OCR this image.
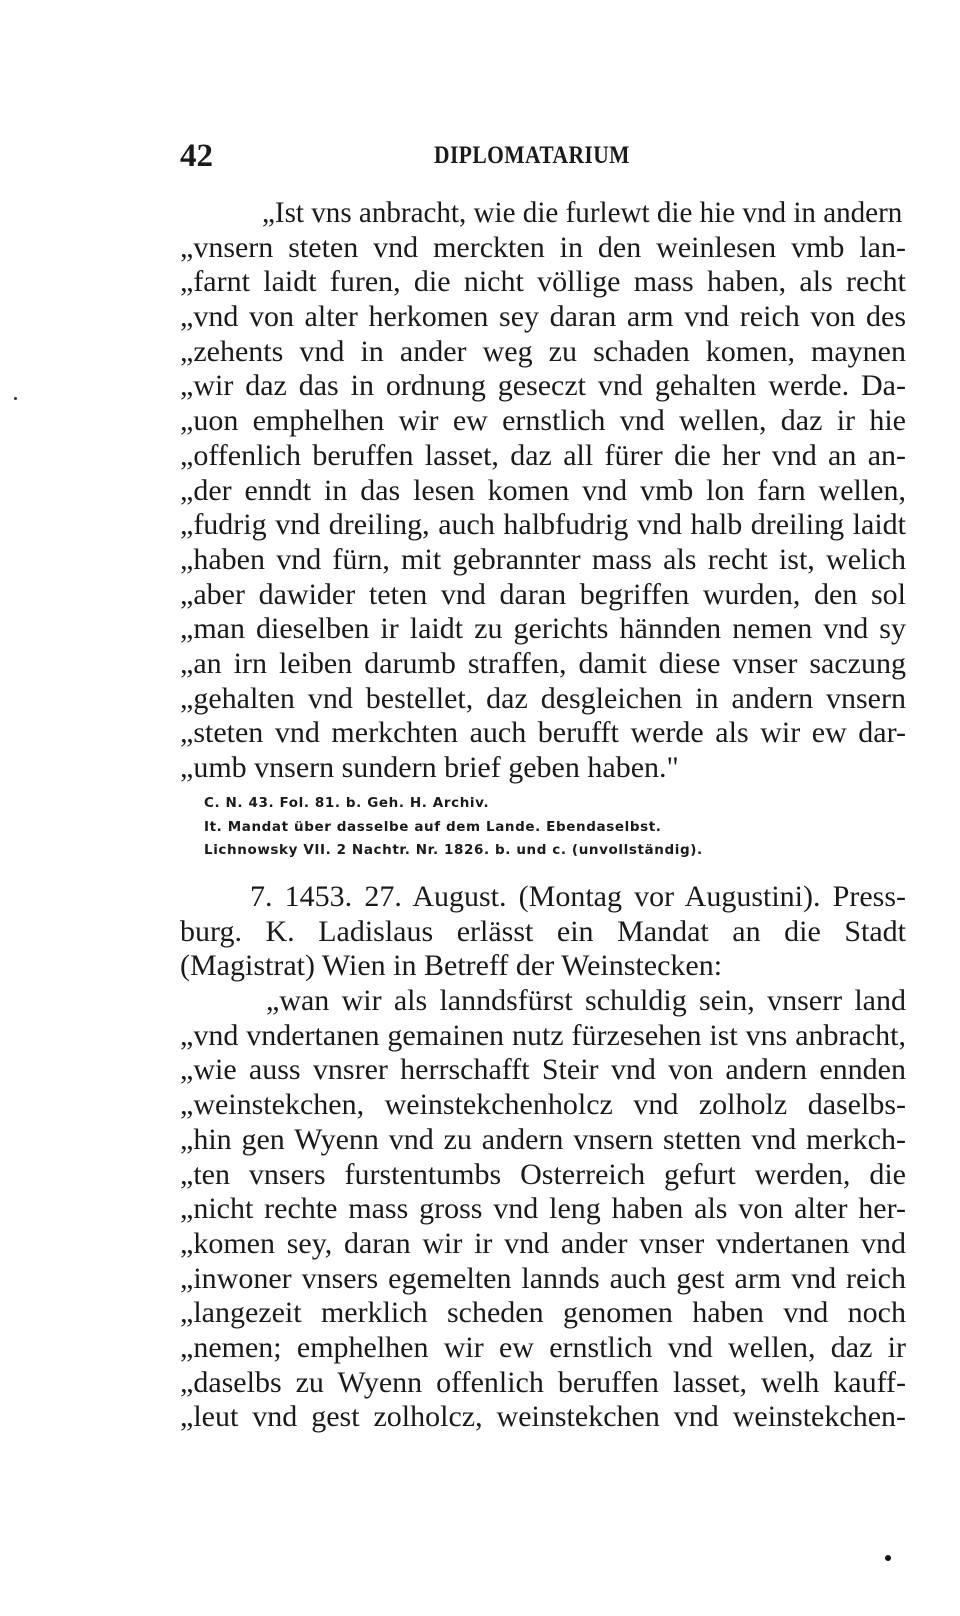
42	DIPLOMATARIUM
„Ist vns anbracht, wie die furlewt die hie vnd in andern
„vnsern steten vnd merckten in den weinlesen vmb lan-
„farnt laidt furen, die nicht völlige mass haben, als recht
„vnd von alter herkomen sey daran arm vnd reich von des
„zehents vnd in ander weg zu schaden komen, maynen
„wir daz das in ordnung geseczt vnd gehalten werde. Da-
„uon emphelhen wir ew ernstlich vnd wellen, daz ir hie
„offenlich beruffen lasset, daz all fürer die her vnd an an-
„der enndt in das lesen komen vnd vmb lon farn wellen,
„fudrig vnd dreiling, auch halbfudrig vnd halb dreiling laidt
„haben vnd fürn, mit gebrannter mass als recht ist, welich
„aber dawider teten vnd daran begriffen wurden, den sol
„man dieselben ir laidt zu gerichts hännden nemen vnd sy
„an irn leiben darumb straffen, damit diese vnser saczung
„gehalten vnd bestellet, daz desgleichen in andern vnsern
„steten vnd merkchten auch berufft werde als wir ew dar-
„umb vnsern sundern brief geben haben."
C. N. 43. Fol. 81. b. Geh. H. Archiv.
It. Mandat über dasselbe auf dem Lande. Ebendaselbst.
Lichnowsky VII. 2 Nachtr. Nr. 1826. b. und c. (unvollständig).
7. 1453. 27. August. (Montag vor Augustini). Press-
burg. K. Ladislaus erlässt ein Mandat an die Stadt
(Magistrat) Wien in Betreff der Weinstecken:
„wan wir als lanndsfürst schuldig sein, vnserr land
„vnd vndertanen gemainen nutz fürzesehen ist vns anbracht,
„wie auss vnsrer herrschafft Steir vnd von andern ennden
„weinstekchen, weinstekchenholcz vnd zolholz daselbs-
„hin gen Wyenn vnd zu andern vnsern stetten vnd merkch-
„ten vnsers furstentumbs Osterreich gefurt werden, die
„nicht rechte mass gross vnd leng haben als von alter her-
„komen sey, daran wir ir vnd ander vnser vndertanen vnd
„inwoner vnsers egemelten lannds auch gest arm vnd reich
„langezeit merklich scheden genomen haben vnd noch
„nemen; emphelhen wir ew ernstlich vnd wellen, daz ir
„daselbs zu Wyenn offenlich beruffen lasset, welh kauff-
„leut vnd gest zolholcz, weinstekchen vnd weinstekchen-
